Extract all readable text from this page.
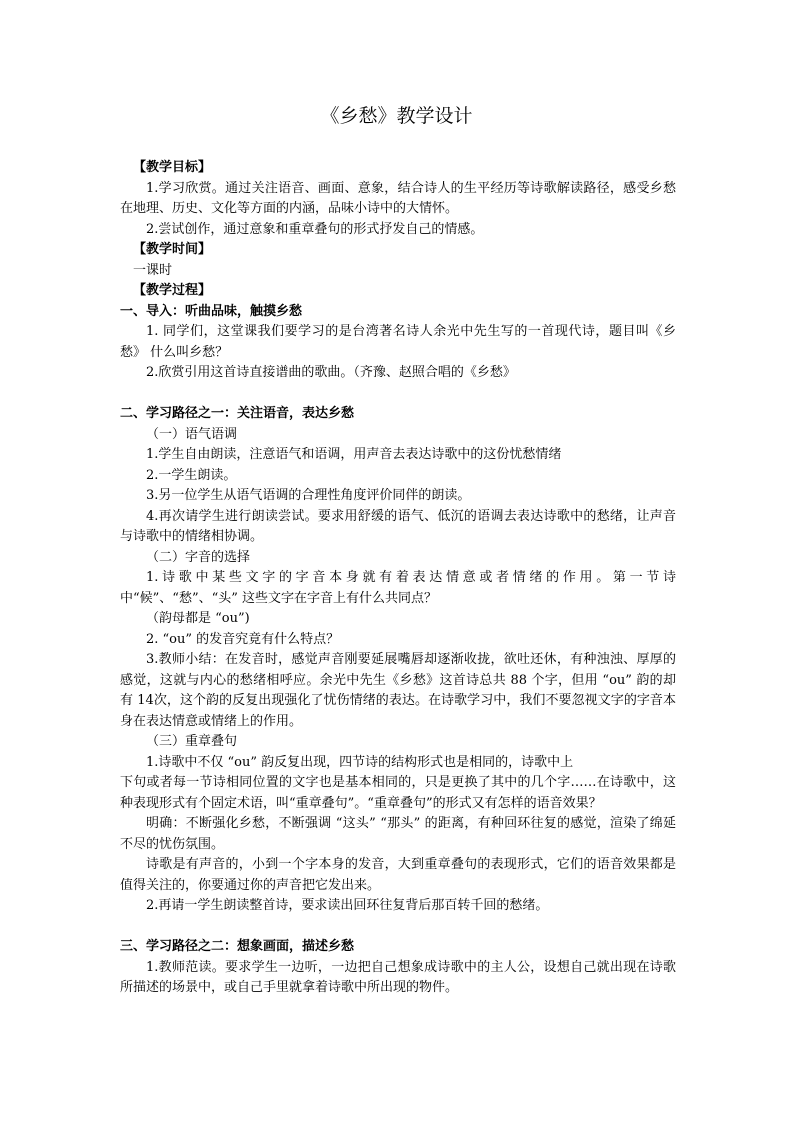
《乡愁》教学设计

【教学目标】

1.学习欣赏。通过关注语音、画面、意象，结合诗人的生平经历等诗歌解读路径，感受乡愁在地理、历史、文化等方面的内涵，品味小诗中的大情怀。

2.尝试创作，通过意象和重章叠句的形式抒发自己的情感。

【教学时间】

一课时

【教学过程】

一、导入：听曲品味，触摸乡愁

1. 同学们，这堂课我们要学习的是台湾著名诗人余光中先生写的一首现代诗，题目叫《乡愁》 什么叫乡愁？

2.欣赏引用这首诗直接谱曲的歌曲。（齐豫、赵照合唱的《乡愁》

二、学习路径之一：关注语音，表达乡愁

（一）语气语调

1.学生自由朗读，注意语气和语调，用声音去表达诗歌中的这份忧愁情绪

2.一学生朗读。

3.另一位学生从语气语调的合理性角度评价同伴的朗读。

4.再次请学生进行朗读尝试。要求用舒缓的语气、低沉的语调去表达诗歌中的愁绪，让声音与诗歌中的情绪相协调。

（二）字音的选择

1.诗歌中某些文字的字音本身就有着表达情意或者情绪的作用。第一节诗中“候”、“愁”、“头” 这些文字在字音上有什么共同点？

（韵母都是 “ou”)

2. “ou” 的发音究竟有什么特点？

3.教师小结：在发音时，感觉声音刚要延展嘴唇却逐渐收拢，欲吐还休，有种浊浊、厚厚的感觉，这就与内心的愁绪相呼应。余光中先生《乡愁》这首诗总共 88 个字，但用 “ou” 韵的却有 14次，这个韵的反复出现强化了忧伤情绪的表达。在诗歌学习中，我们不要忽视文字的字音本身在表达情意或情绪上的作用。

（三）重章叠句

1.诗歌中不仅 “ou” 韵反复出现，四节诗的结构形式也是相同的，诗歌中上

下句或者每一节诗相同位置的文字也是基本相同的，只是更换了其中的几个字……在诗歌中，这种表现形式有个固定术语，叫“重章叠句”。“重章叠句”的形式又有怎样的语音效果？

明确：不断强化乡愁，不断强调 “这头” “那头” 的距离，有种回环往复的感觉，渲染了绵延不尽的忧伤氛围。

诗歌是有声音的，小到一个字本身的发音，大到重章叠句的表现形式，它们的语音效果都是值得关注的，你要通过你的声音把它发出来。

2.再请一学生朗读整首诗，要求读出回环往复背后那百转千回的愁绪。

三、学习路径之二：想象画面，描述乡愁

1.教师范读。要求学生一边听，一边把自己想象成诗歌中的主人公，设想自己就出现在诗歌所描述的场景中，或自己手里就拿着诗歌中所出现的物件。
